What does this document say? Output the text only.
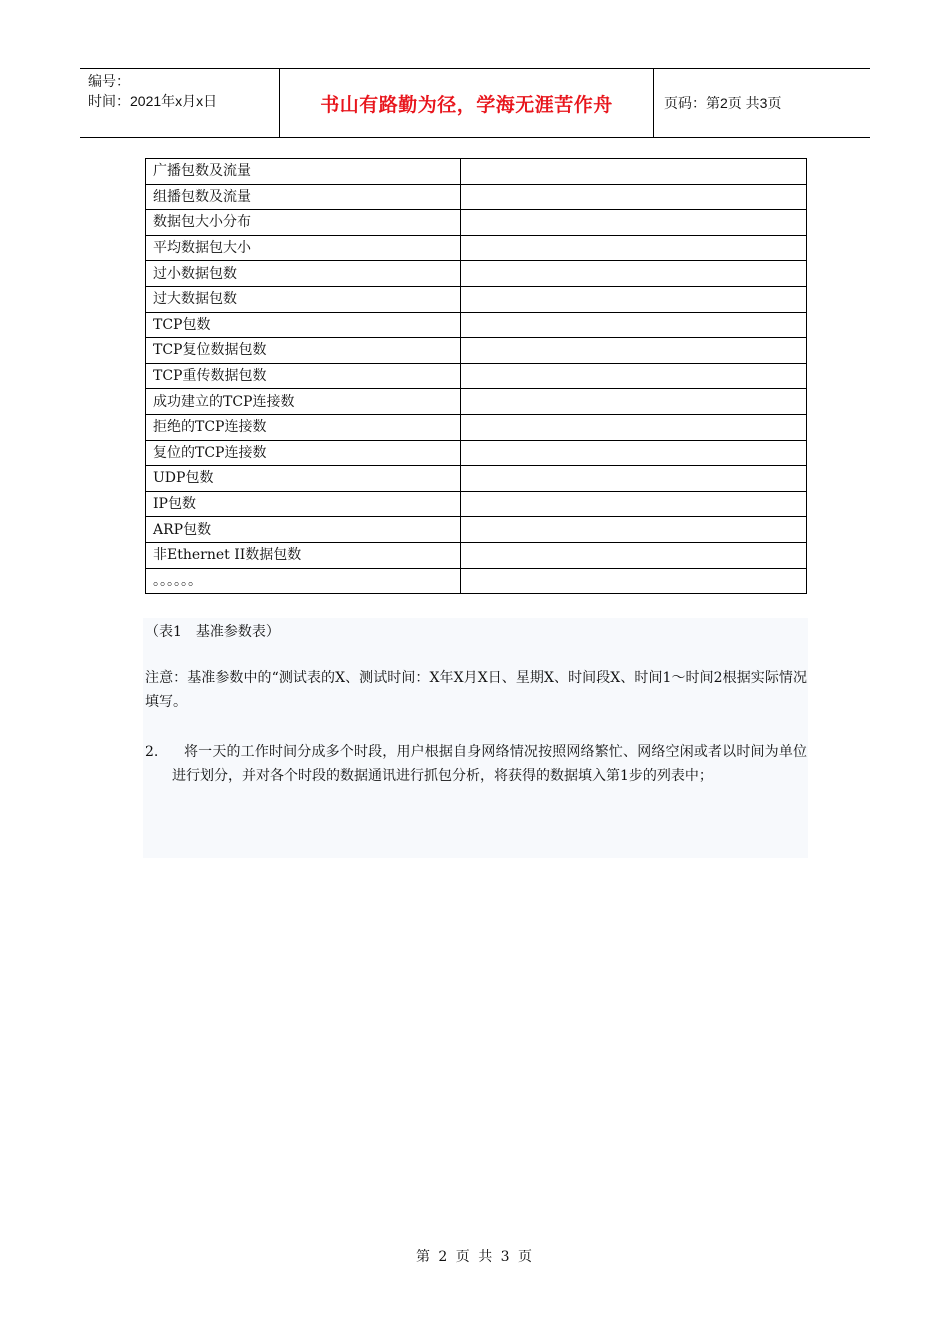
编号：
时间：2021年x月x日	书山有路勤为径，学海无涯苦作舟	页码：第2页 共3页
广播包数及流量	
组播包数及流量	
数据包大小分布	
平均数据包大小	
过小数据包数	
过大数据包数	
TCP包数	
TCP复位数据包数	
TCP重传数据包数	
成功建立的TCP连接数	
拒绝的TCP连接数	
复位的TCP连接数	
UDP包数	
IP包数	
ARP包数	
非Ethernet II数据包数	
。。。。。。	
（表1　基准参数表）
注意：基准参数中的“测试表的X、测试时间：X年X月X日、星期X、时间段X、时间1～时间2根据实际情况填写。
2.	将一天的工作时间分成多个时段，用户根据自身网络情况按照网络繁忙、网络空闲或者以时间为单位进行划分，并对各个时段的数据通讯进行抓包分析，将获得的数据填入第1步的列表中；
第 2 页 共 3 页
